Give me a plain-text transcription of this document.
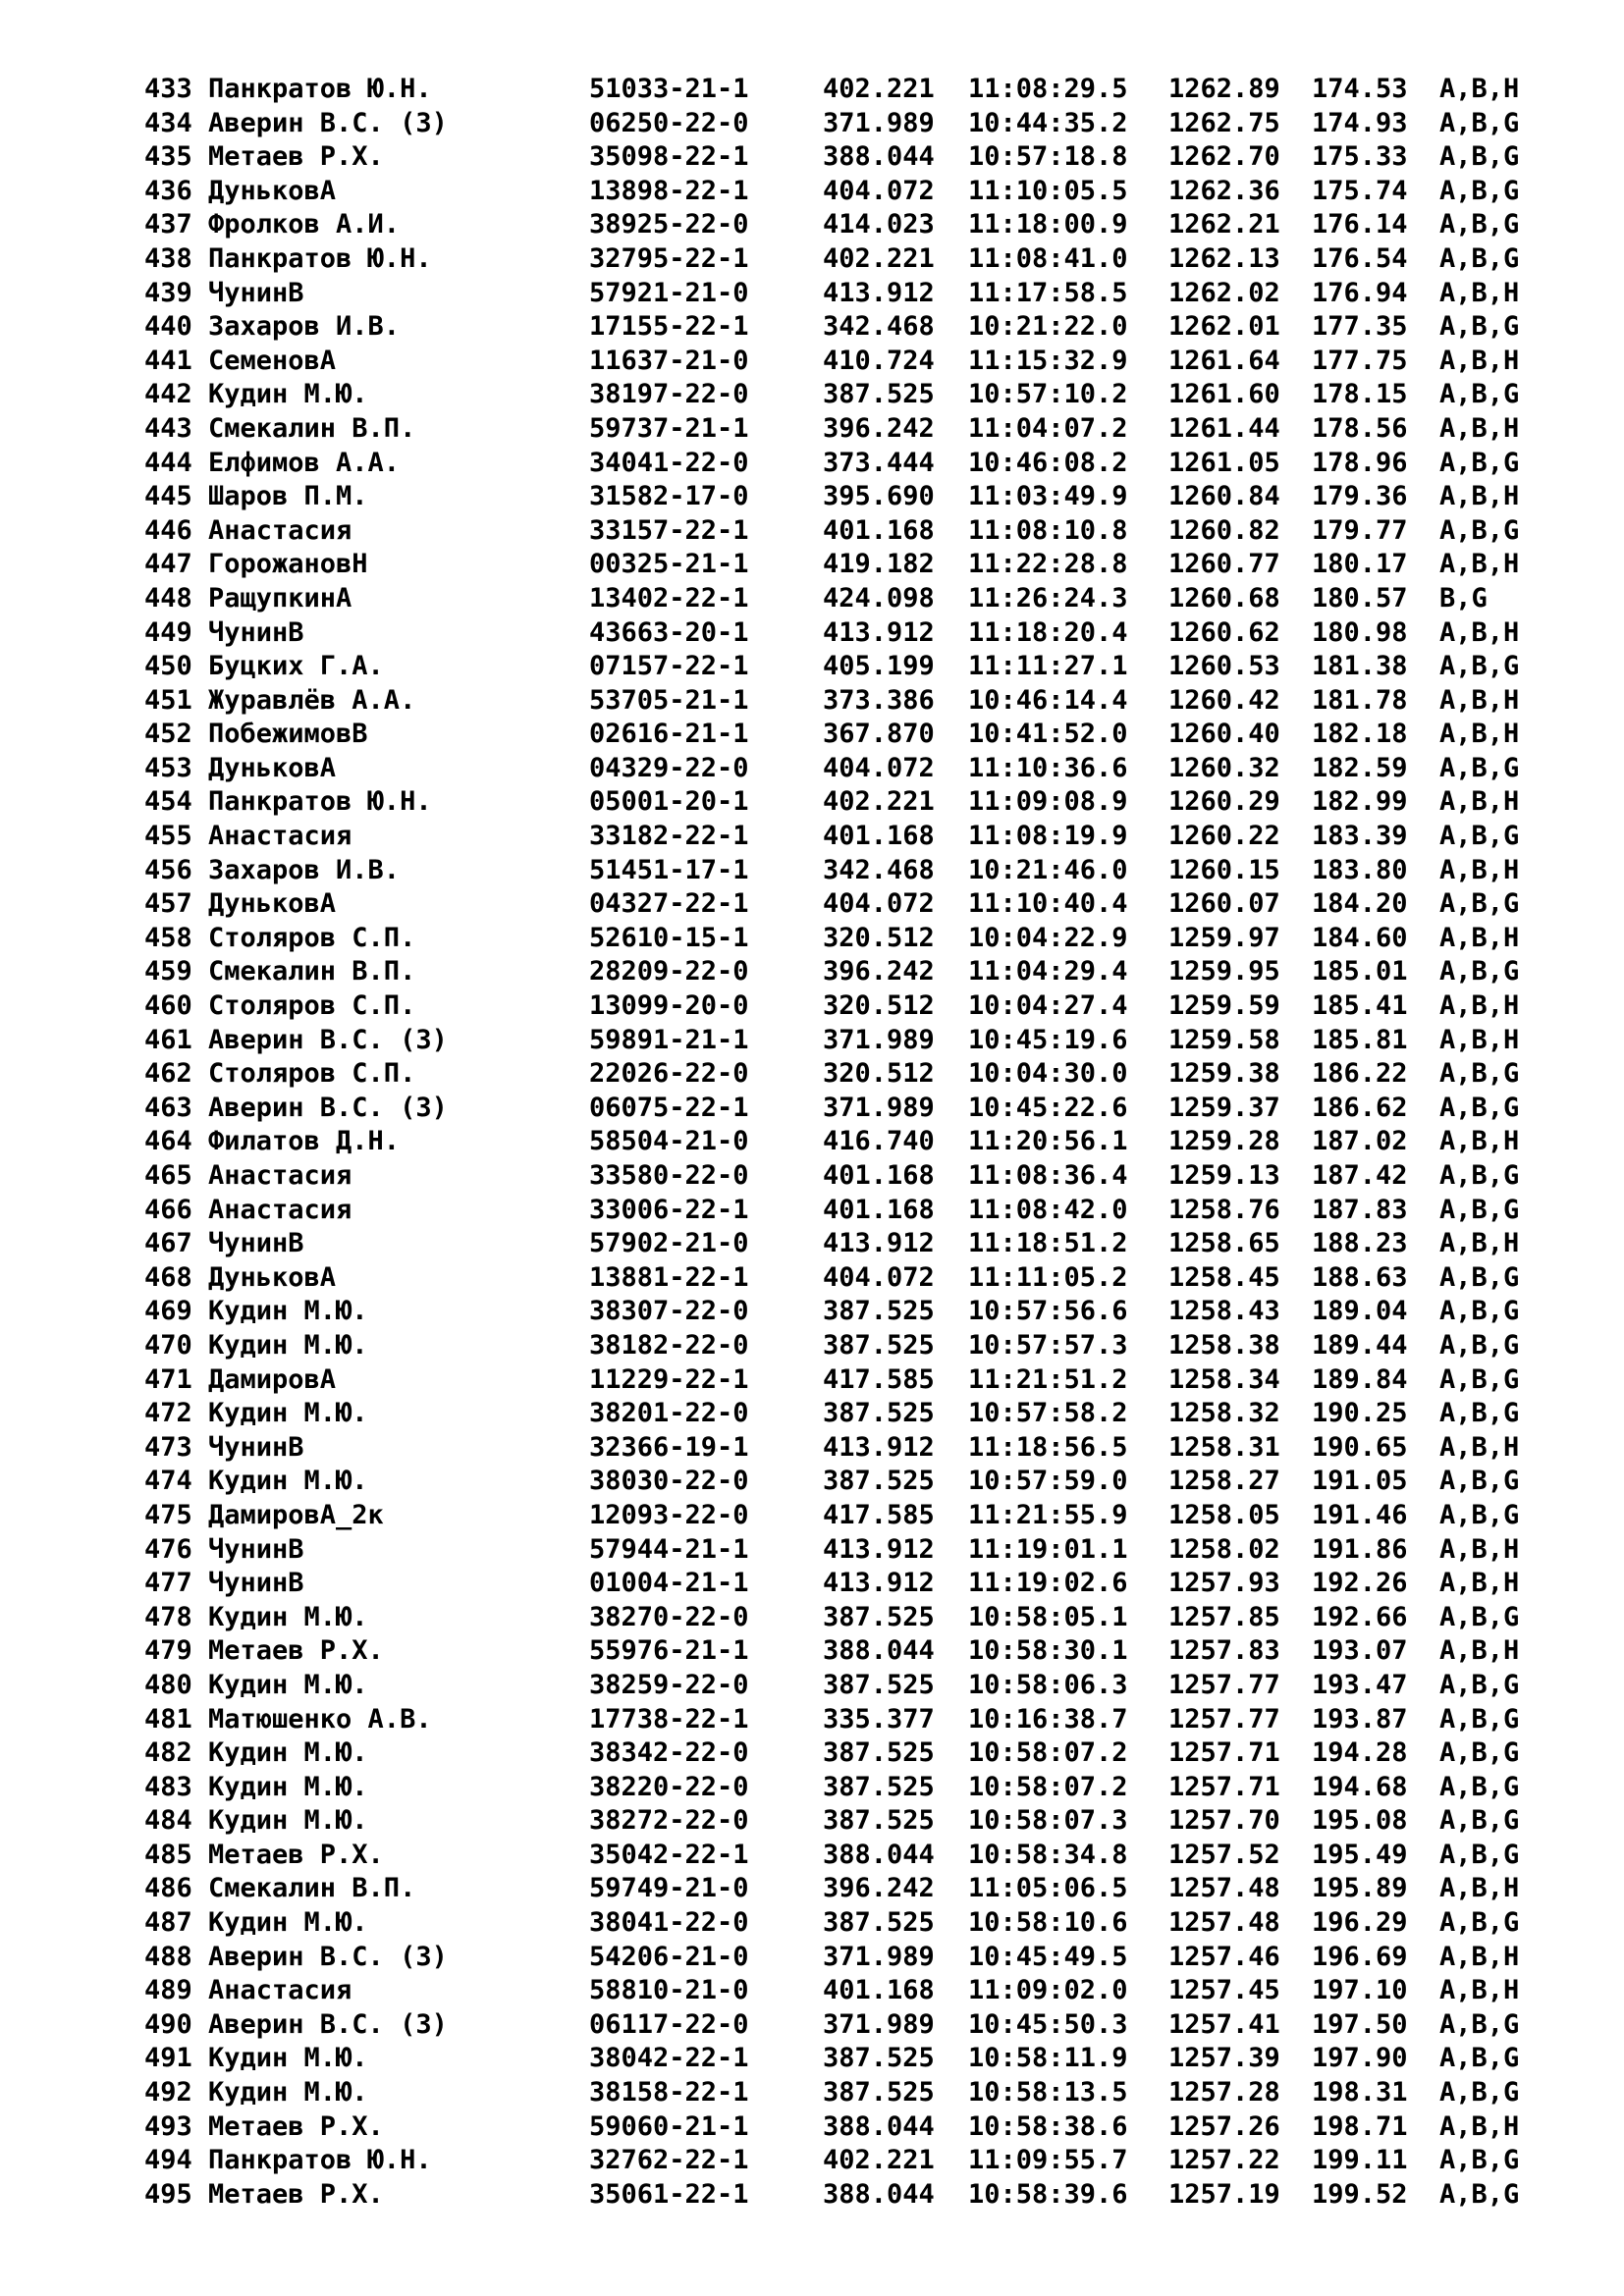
433 Панкратов Ю.Н.	51033-21-1	402.221 11:08:29.5 1262.89 174.53 A,B,H
434 Аверин В.С. (З)	06250-22-0	371.989 10:44:35.2 1262.75 174.93 A,B,G
435 Метаев Р.Х.	35098-22-1	388.044 10:57:18.8 1262.70 175.33 A,B,G
436 ДуньковА	13898-22-1	404.072 11:10:05.5 1262.36 175.74 A,B,G
437 Фролков А.И.	38925-22-0	414.023 11:18:00.9 1262.21 176.14 A,B,G
438 Панкратов Ю.Н.	32795-22-1	402.221 11:08:41.0 1262.13 176.54 A,B,G
439 ЧунинВ	57921-21-0	413.912 11:17:58.5 1262.02 176.94 A,B,H
440 Захаров И.В.	17155-22-1	342.468 10:21:22.0 1262.01 177.35 A,B,G
441 СеменовА	11637-21-0	410.724 11:15:32.9 1261.64 177.75 A,B,H
442 Кудин М.Ю.	38197-22-0	387.525 10:57:10.2 1261.60 178.15 A,B,G
443 Смекалин В.П.	59737-21-1	396.242 11:04:07.2 1261.44 178.56 A,B,H
444 Елфимов А.А.	34041-22-0	373.444 10:46:08.2 1261.05 178.96 A,B,G
445 Шаров П.М.	31582-17-0	395.690 11:03:49.9 1260.84 179.36 A,B,H
446 Анастасия	33157-22-1	401.168 11:08:10.8 1260.82 179.77 A,B,G
447 ГорожановН	00325-21-1	419.182 11:22:28.8 1260.77 180.17 A,B,H
448 РащупкинА	13402-22-1	424.098 11:26:24.3 1260.68 180.57 B,G
449 ЧунинВ	43663-20-1	413.912 11:18:20.4 1260.62 180.98 A,B,H
450 Буцких Г.А.	07157-22-1	405.199 11:11:27.1 1260.53 181.38 A,B,G
451 Журавлёв А.А.	53705-21-1	373.386 10:46:14.4 1260.42 181.78 A,B,H
452 ПобежимовВ	02616-21-1	367.870 10:41:52.0 1260.40 182.18 A,B,H
453 ДуньковА	04329-22-0	404.072 11:10:36.6 1260.32 182.59 A,B,G
454 Панкратов Ю.Н.	05001-20-1	402.221 11:09:08.9 1260.29 182.99 A,B,H
455 Анастасия	33182-22-1	401.168 11:08:19.9 1260.22 183.39 A,B,G
456 Захаров И.В.	51451-17-1	342.468 10:21:46.0 1260.15 183.80 A,B,H
457 ДуньковА	04327-22-1	404.072 11:10:40.4 1260.07 184.20 A,B,G
458 Столяров С.П.	52610-15-1	320.512 10:04:22.9 1259.97 184.60 A,B,H
459 Смекалин В.П.	28209-22-0	396.242 11:04:29.4 1259.95 185.01 A,B,G
460 Столяров С.П.	13099-20-0	320.512 10:04:27.4 1259.59 185.41 A,B,H
461 Аверин В.С. (З)	59891-21-1	371.989 10:45:19.6 1259.58 185.81 A,B,H
462 Столяров С.П.	22026-22-0	320.512 10:04:30.0 1259.38 186.22 A,B,G
463 Аверин В.С. (З)	06075-22-1	371.989 10:45:22.6 1259.37 186.62 A,B,G
464 Филатов Д.Н.	58504-21-0	416.740 11:20:56.1 1259.28 187.02 A,B,H
465 Анастасия	33580-22-0	401.168 11:08:36.4 1259.13 187.42 A,B,G
466 Анастасия	33006-22-1	401.168 11:08:42.0 1258.76 187.83 A,B,G
467 ЧунинВ	57902-21-0	413.912 11:18:51.2 1258.65 188.23 A,B,H
468 ДуньковА	13881-22-1	404.072 11:11:05.2 1258.45 188.63 A,B,G
469 Кудин М.Ю.	38307-22-0	387.525 10:57:56.6 1258.43 189.04 A,B,G
470 Кудин М.Ю.	38182-22-0	387.525 10:57:57.3 1258.38 189.44 A,B,G
471 ДамировА	11229-22-1	417.585 11:21:51.2 1258.34 189.84 A,B,G
472 Кудин М.Ю.	38201-22-0	387.525 10:57:58.2 1258.32 190.25 A,B,G
473 ЧунинВ	32366-19-1	413.912 11:18:56.5 1258.31 190.65 A,B,H
474 Кудин М.Ю.	38030-22-0	387.525 10:57:59.0 1258.27 191.05 A,B,G
475 ДамировА_2к	12093-22-0	417.585 11:21:55.9 1258.05 191.46 A,B,G
476 ЧунинВ	57944-21-1	413.912 11:19:01.1 1258.02 191.86 A,B,H
477 ЧунинВ	01004-21-1	413.912 11:19:02.6 1257.93 192.26 A,B,H
478 Кудин М.Ю.	38270-22-0	387.525 10:58:05.1 1257.85 192.66 A,B,G
479 Метаев Р.Х.	55976-21-1	388.044 10:58:30.1 1257.83 193.07 A,B,H
480 Кудин М.Ю.	38259-22-0	387.525 10:58:06.3 1257.77 193.47 A,B,G
481 Матюшенко А.В.	17738-22-1	335.377 10:16:38.7 1257.77 193.87 A,B,G
482 Кудин М.Ю.	38342-22-0	387.525 10:58:07.2 1257.71 194.28 A,B,G
483 Кудин М.Ю.	38220-22-0	387.525 10:58:07.2 1257.71 194.68 A,B,G
484 Кудин М.Ю.	38272-22-0	387.525 10:58:07.3 1257.70 195.08 A,B,G
485 Метаев Р.Х.	35042-22-1	388.044 10:58:34.8 1257.52 195.49 A,B,G
486 Смекалин В.П.	59749-21-0	396.242 11:05:06.5 1257.48 195.89 A,B,H
487 Кудин М.Ю.	38041-22-0	387.525 10:58:10.6 1257.48 196.29 A,B,G
488 Аверин В.С. (З)	54206-21-0	371.989 10:45:49.5 1257.46 196.69 A,B,H
489 Анастасия	58810-21-0	401.168 11:09:02.0 1257.45 197.10 A,B,H
490 Аверин В.С. (З)	06117-22-0	371.989 10:45:50.3 1257.41 197.50 A,B,G
491 Кудин М.Ю.	38042-22-1	387.525 10:58:11.9 1257.39 197.90 A,B,G
492 Кудин М.Ю.	38158-22-1	387.525 10:58:13.5 1257.28 198.31 A,B,G
493 Метаев Р.Х.	59060-21-1	388.044 10:58:38.6 1257.26 198.71 A,B,H
494 Панкратов Ю.Н.	32762-22-1	402.221 11:09:55.7 1257.22 199.11 A,B,G
495 Метаев Р.Х.	35061-22-1	388.044 10:58:39.6 1257.19 199.52 A,B,G
